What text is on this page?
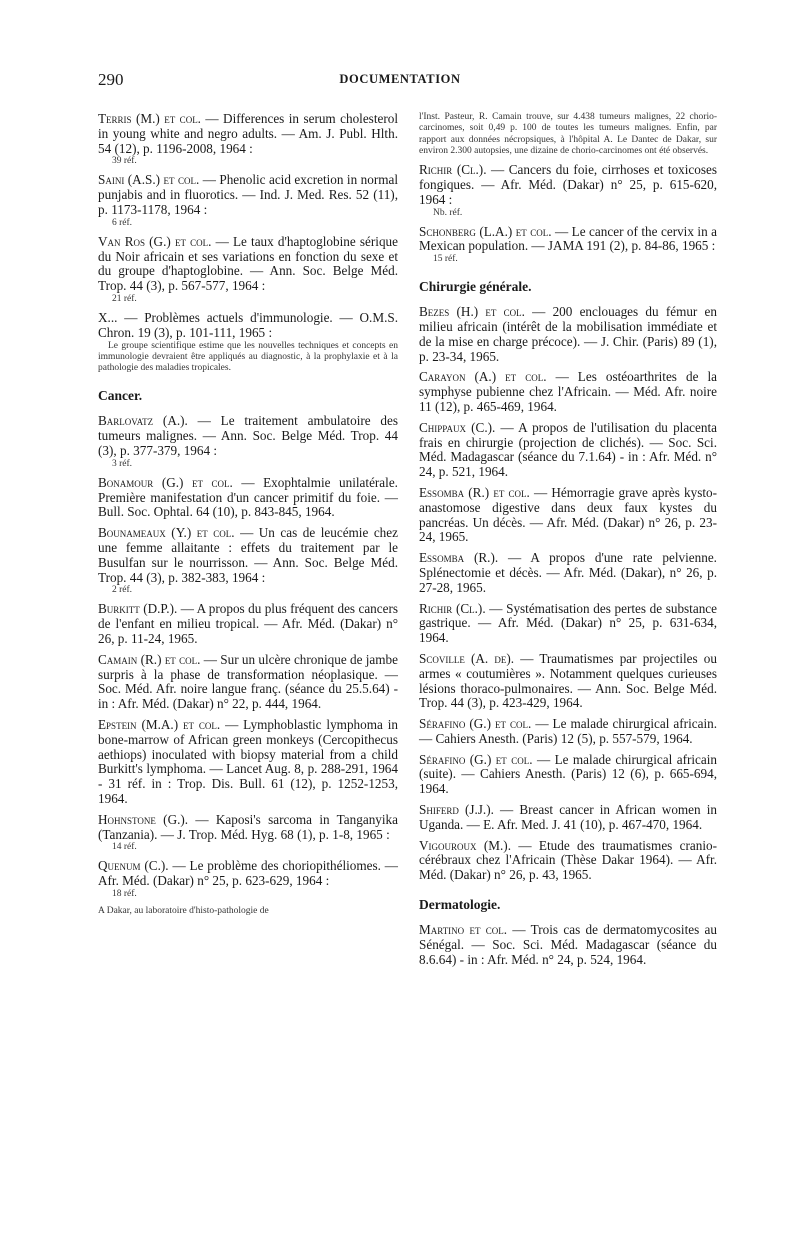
290	DOCUMENTATION

Terris (M.) et col. — Differences in serum cholesterol in young white and negro adults. — Am. J. Publ. Hlth. 54 (12), p. 1196-2008, 1964 :
39 réf.

Saini (A.S.) et col. — Phenolic acid excretion in normal punjabis and in fluorotics. — Ind. J. Med. Res. 52 (11), p. 1173-1178, 1964 :
6 réf.

Van Ros (G.) et col. — Le taux d'haptoglobine sérique du Noir africain et ses variations en fonction du sexe et du groupe d'haptoglobine. — Ann. Soc. Belge Méd. Trop. 44 (3), p. 567-577, 1964 :
21 réf.

X... — Problèmes actuels d'immunologie. — O.M.S. Chron. 19 (3), p. 101-111, 1965 :
Le groupe scientifique estime que les nouvelles techniques et concepts en immunologie devraient être appliqués au diagnostic, à la prophylaxie et à la pathologie des maladies tropicales.

Cancer.

Barlovatz (A.). — Le traitement ambulatoire des tumeurs malignes. — Ann. Soc. Belge Méd. Trop. 44 (3), p. 377-379, 1964 :
3 réf.

Bonamour (G.) et col. — Exophtalmie unilatérale. Première manifestation d'un cancer primitif du foie. — Bull. Soc. Ophtal. 64 (10), p. 843-845, 1964.

Bounameaux (Y.) et col. — Un cas de leucémie chez une femme allaitante : effets du traitement par le Busulfan sur le nourrisson. — Ann. Soc. Belge Méd. Trop. 44 (3), p. 382-383, 1964 :
2 réf.

Burkitt (D.P.). — A propos du plus fréquent des cancers de l'enfant en milieu tropical. — Afr. Méd. (Dakar) n° 26, p. 11-24, 1965.

Camain (R.) et col. — Sur un ulcère chronique de jambe surpris à la phase de transformation néoplasique. — Soc. Méd. Afr. noire langue franç. (séance du 25.5.64) - in : Afr. Méd. (Dakar) n° 22, p. 444, 1964.

Epstein (M.A.) et col. — Lymphoblastic lymphoma in bone-marrow of African green monkeys (Cercopithecus aethiops) inoculated with biopsy material from a child Burkitt's lymphoma. — Lancet Aug. 8, p. 288-291, 1964 - 31 réf. in : Trop. Dis. Bull. 61 (12), p. 1252-1253, 1964.

Hohnstone (G.). — Kaposi's sarcoma in Tanganyika (Tanzania). — J. Trop. Méd. Hyg. 68 (1), p. 1-8, 1965 :
14 réf.

Quenum (C.). — Le problème des choriopithéliomes. — Afr. Méd. (Dakar) n° 25, p. 623-629, 1964 :
18 réf.

A Dakar, au laboratoire d'histo-pathologie de

l'Inst. Pasteur, R. Camain trouve, sur 4.438 tumeurs malignes, 22 chorio-carcinomes, soit 0,49 p. 100 de toutes les tumeurs malignes. Enfin, par rapport aux données nécropsiques, à l'hôpital A. Le Dantec de Dakar, sur environ 2.300 autopsies, une dizaine de chorio-carcinomes ont été observés.

Richir (Cl.). — Cancers du foie, cirrhoses et toxicoses fongiques. — Afr. Méd. (Dakar) n° 25, p. 615-620, 1964 :
Nb. réf.

Schonberg (L.A.) et col. — Le cancer of the cervix in a Mexican population. — JAMA 191 (2), p. 84-86, 1965 :
15 réf.

Chirurgie générale.

Bezes (H.) et col. — 200 enclouages du fémur en milieu africain (intérêt de la mobilisation immédiate et de la mise en charge précoce). — J. Chir. (Paris) 89 (1), p. 23-34, 1965.

Carayon (A.) et col. — Les ostéoarthrites de la symphyse pubienne chez l'Africain. — Méd. Afr. noire 11 (12), p. 465-469, 1964.

Chippaux (C.). — A propos de l'utilisation du placenta frais en chirurgie (projection de clichés). — Soc. Sci. Méd. Madagascar (séance du 7.1.64) - in : Afr. Méd. n° 24, p. 521, 1964.

Essomba (R.) et col. — Hémorragie grave après kysto-anastomose digestive dans deux faux kystes du pancréas. Un décès. — Afr. Méd. (Dakar) n° 26, p. 23-24, 1965.

Essomba (R.). — A propos d'une rate pelvienne. Splénectomie et décès. — Afr. Méd. (Dakar), n° 26, p. 27-28, 1965.

Richir (Cl.). — Systématisation des pertes de substance gastrique. — Afr. Méd. (Dakar) n° 25, p. 631-634, 1964.

Scoville (A. de). — Traumatismes par projectiles ou armes « coutumières ». Notamment quelques curieuses lésions thoraco-pulmonaires. — Ann. Soc. Belge Méd. Trop. 44 (3), p. 423-429, 1964.

Sérafino (G.) et col. — Le malade chirurgical africain. — Cahiers Anesth. (Paris) 12 (5), p. 557-579, 1964.

Sérafino (G.) et col. — Le malade chirurgical africain (suite). — Cahiers Anesth. (Paris) 12 (6), p. 665-694, 1964.

Shiferd (J.J.). — Breast cancer in African women in Uganda. — E. Afr. Med. J. 41 (10), p. 467-470, 1964.

Vigouroux (M.). — Etude des traumatismes cranio-cérébraux chez l'Africain (Thèse Dakar 1964). — Afr. Méd. (Dakar) n° 26, p. 43, 1965.

Dermatologie.

Martino et col. — Trois cas de dermatomycosites au Sénégal. — Soc. Sci. Méd. Madagascar (séance du 8.6.64) - in : Afr. Méd. n° 24, p. 524, 1964.
